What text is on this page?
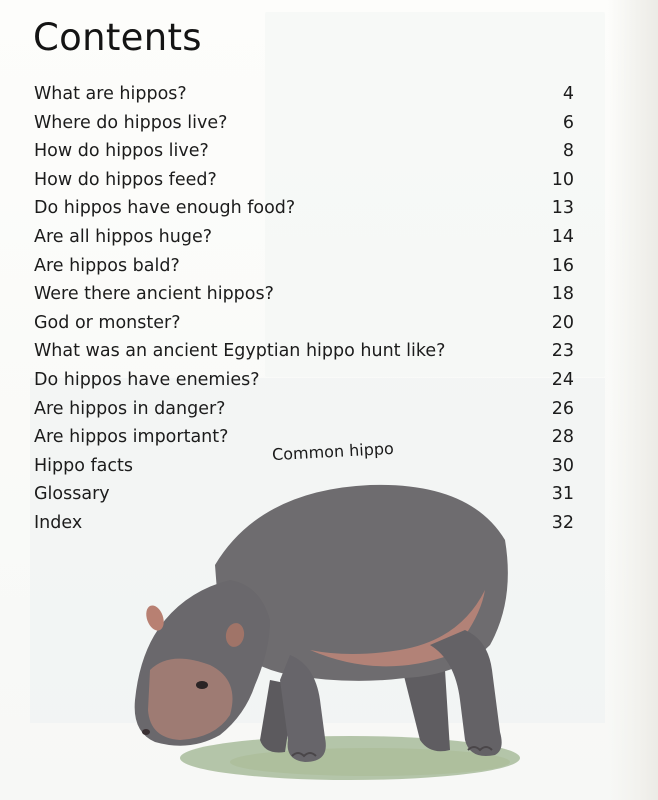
Contents
What are hippos?	4
Where do hippos live?	6
How do hippos live?	8
How do hippos feed?	10
Do hippos have enough food?	13
Are all hippos huge?	14
Are hippos bald?	16
Were there ancient hippos?	18
God or monster?	20
What was an ancient Egyptian hippo hunt like?	23
Do hippos have enemies?	24
Are hippos in danger?	26
Are hippos important?	28
Hippo facts	30
Glossary	31
Index	32
Common hippo
